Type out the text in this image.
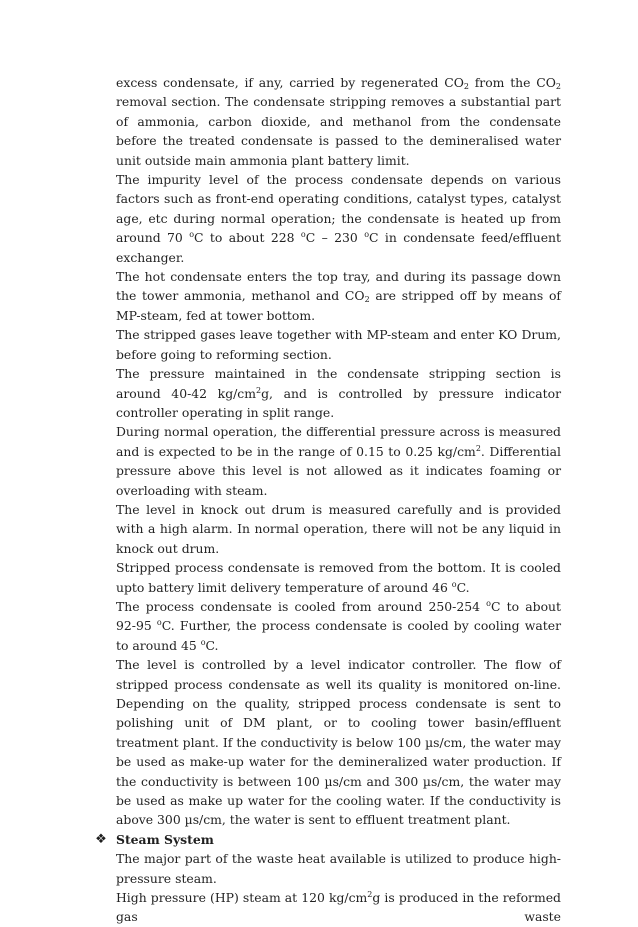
excess condensate, if any, carried by regenerated $CO_2$ from the $CO_2$ removal section. The condensate stripping removes a substantial part of ammonia, carbon dioxide, and methanol from the condensate before the treated condensate is passed to the demineralised water unit outside main ammonia plant battery limit.

The impurity level of the process condensate depends on various factors such as front-end operating conditions, catalyst types, catalyst age, etc during normal operation; the condensate is heated up from around 70 $^o$C to about 228 $^o$C – 230 $^o$C in condensate feed/effluent exchanger.

The hot condensate enters the top tray, and during its passage down the tower ammonia, methanol and $CO_2$ are stripped off by means of MP-steam, fed at tower bottom.

The stripped gases leave together with MP-steam and enter KO Drum, before going to reforming section.

The pressure maintained in the condensate stripping section is around 40-42 $kg/cm^2g$, and is controlled by pressure indicator controller operating in split range.

During normal operation, the differential pressure across is measured and is expected to be in the range of 0.15 to 0.25 $kg/cm^2$. Differential pressure above this level is not allowed as it indicates foaming or overloading with steam.

The level in knock out drum is measured carefully and is provided with a high alarm. In normal operation, there will not be any liquid in knock out drum.

Stripped process condensate is removed from the bottom. It is cooled upto battery limit delivery temperature of around 46 $^o$C.

The process condensate is cooled from around 250-254 $^o$C to about 92-95 $^o$C. Further, the process condensate is cooled by cooling water to around 45 $^o$C.

The level is controlled by a level indicator controller. The flow of stripped process condensate as well its quality is monitored on-line. Depending on the quality, stripped process condensate is sent to polishing unit of DM plant, or to cooling tower basin/effluent treatment plant. If the conductivity is below 100 µs/cm, the water may be used as make-up water for the demineralized water production. If the conductivity is between 100 µs/cm and 300 µs/cm, the water may be used as make up water for the cooling water. If the conductivity is above 300 µs/cm, the water is sent to effluent treatment plant.

❖ Steam System

The major part of the waste heat available is utilized to produce high-pressure steam.

High pressure (HP) steam at 120 $kg/cm^2g$ is produced in the reformed gas waste
